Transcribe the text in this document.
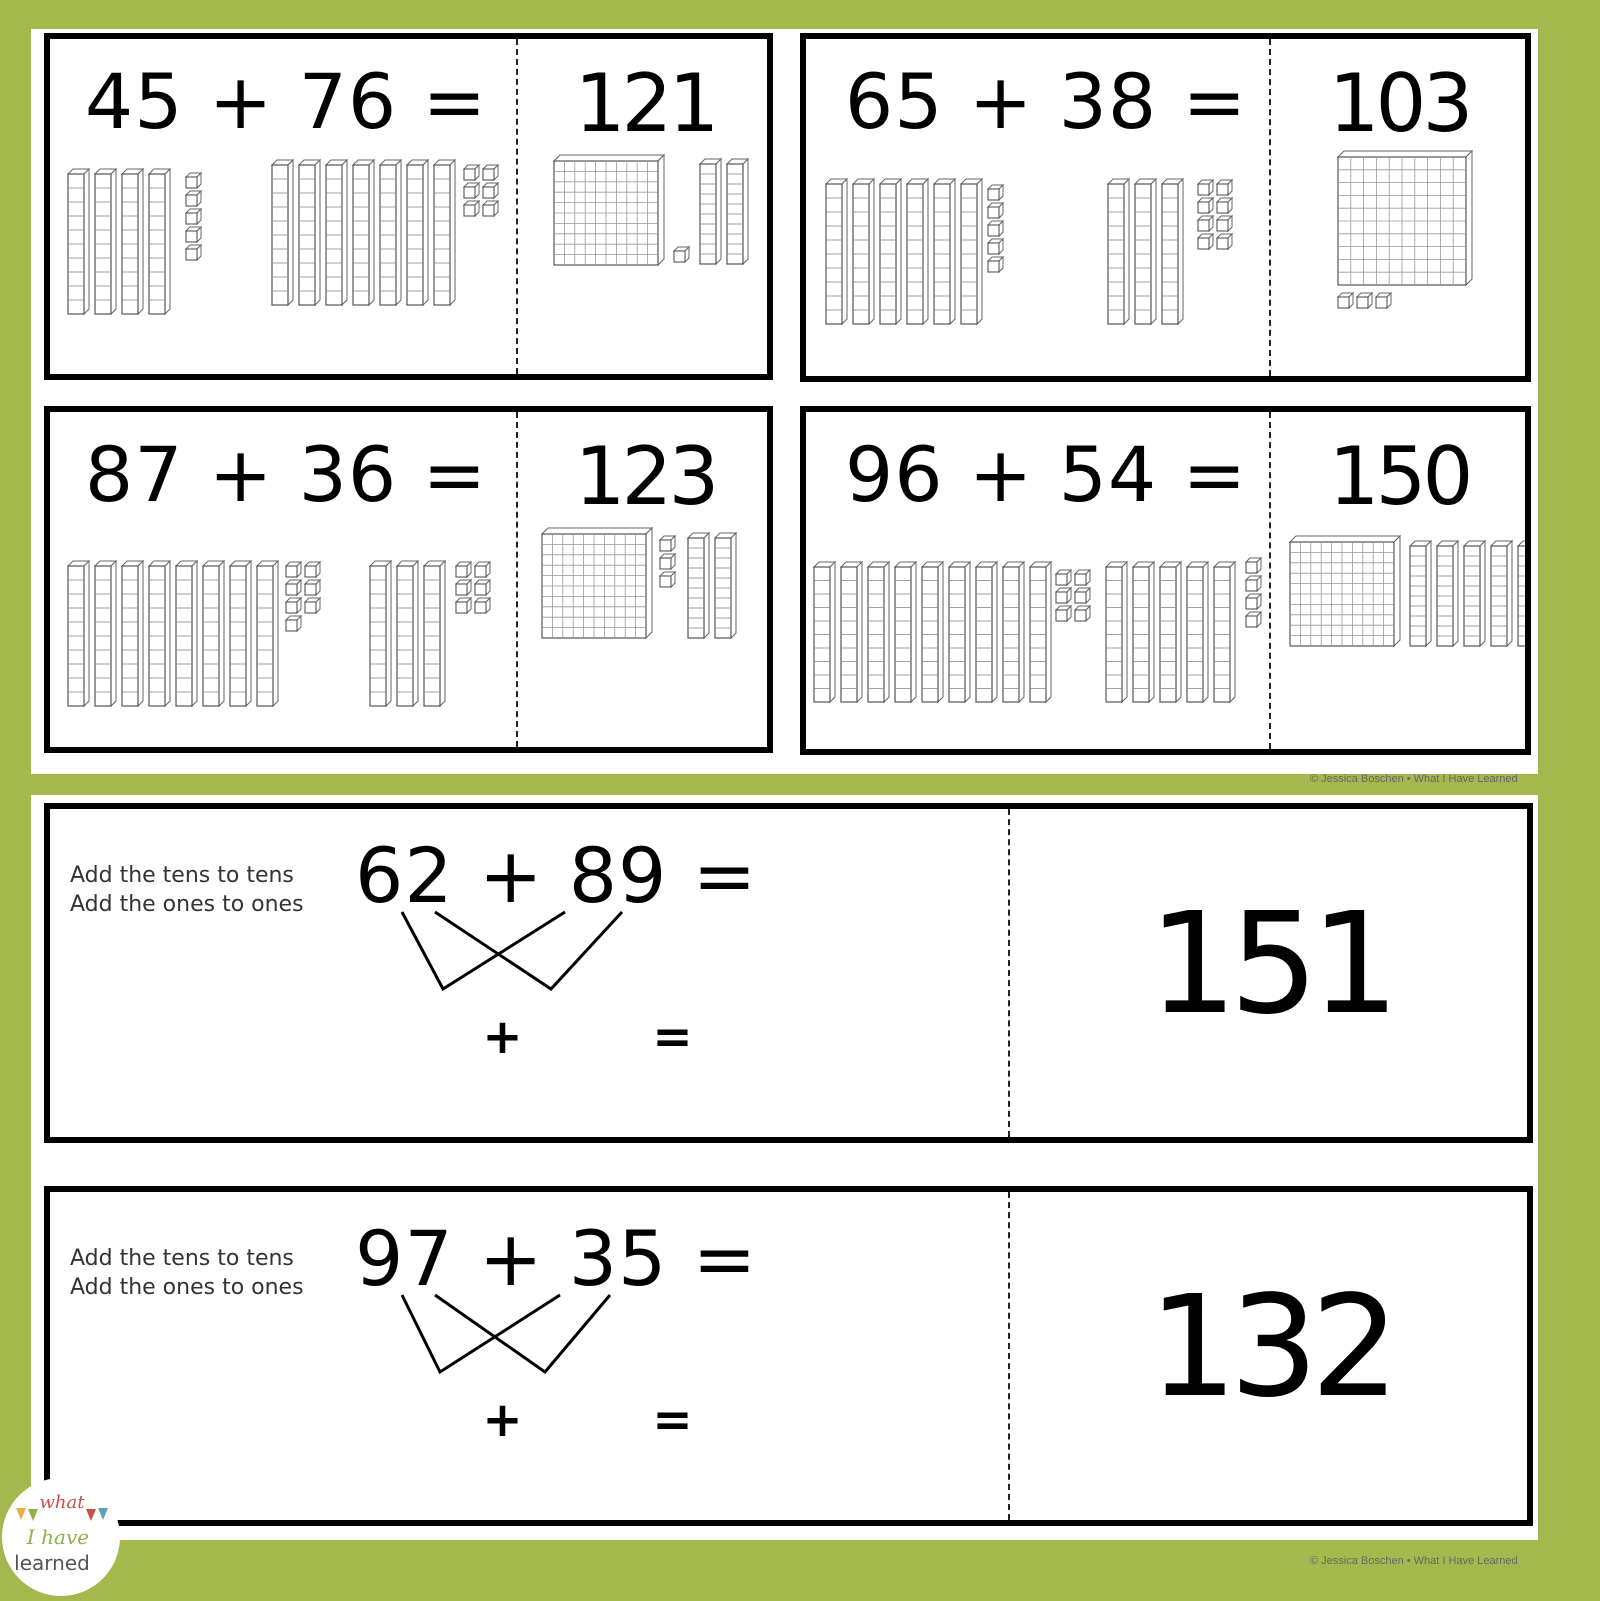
45 + 76 =	121	65 + 38 =	103
87 + 36 =	123	96 + 54 =	150
© Jessica Boschen • What I Have Learned
Add the tens to tens
Add the ones to ones 62 + 89 =
+	=	151
Add the tens to tens
Add the ones to ones 97 + 35 =
+	=	132
© Jessica Boschen • What I Have Learned
what
I have
learned
